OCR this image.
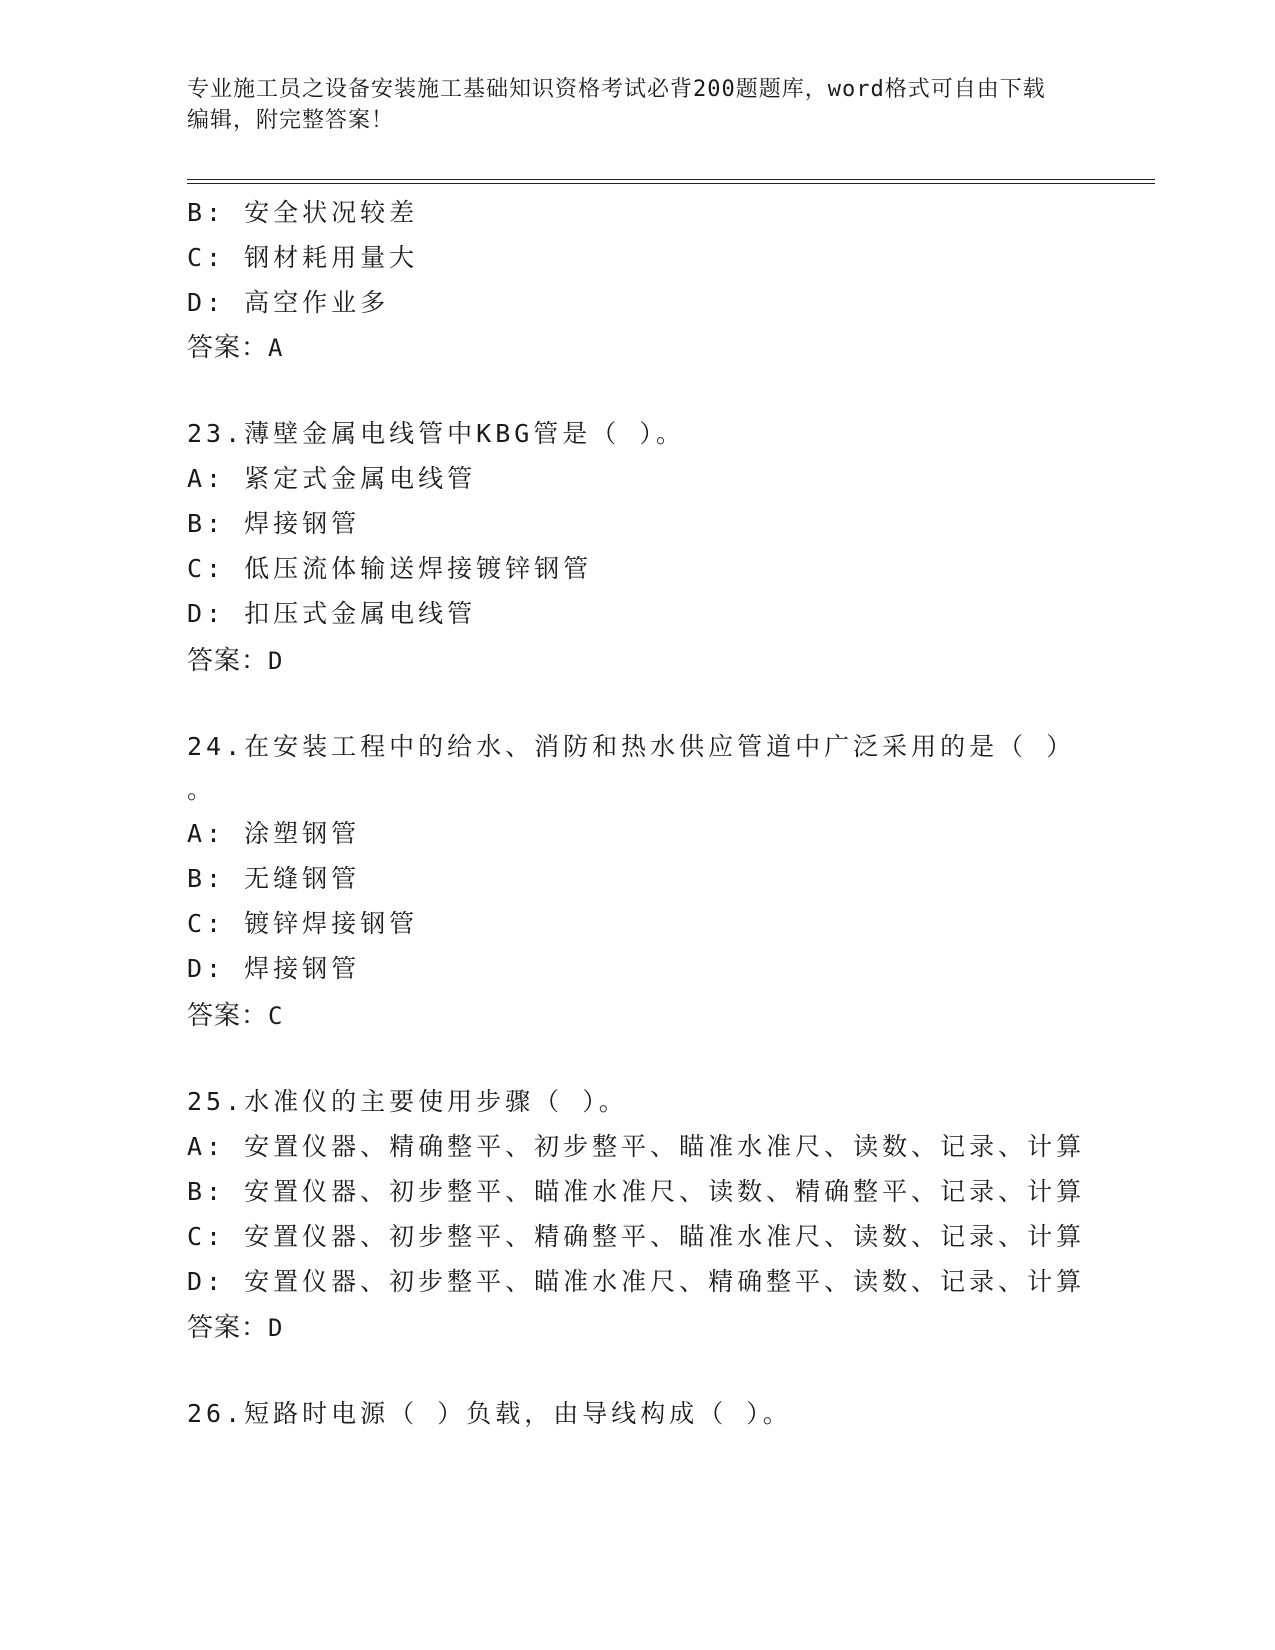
专业施工员之设备安装施工基础知识资格考试必背200题题库，word格式可自由下载编辑，附完整答案！
B: 安全状况较差
C: 钢材耗用量大
D: 高空作业多
答案：A
23.薄壁金属电线管中KBG管是（ ）。
A: 紧定式金属电线管
B: 焊接钢管
C: 低压流体输送焊接镀锌钢管
D: 扣压式金属电线管
答案：D
24.在安装工程中的给水、消防和热水供应管道中广泛采用的是（ ）
。
A: 涂塑钢管
B: 无缝钢管
C: 镀锌焊接钢管
D: 焊接钢管
答案：C
25.水准仪的主要使用步骤（ ）。
A: 安置仪器、精确整平、初步整平、瞄准水准尺、读数、记录、计算
B: 安置仪器、初步整平、瞄准水准尺、读数、精确整平、记录、计算
C: 安置仪器、初步整平、精确整平、瞄准水准尺、读数、记录、计算
D: 安置仪器、初步整平、瞄准水准尺、精确整平、读数、记录、计算
答案：D
26.短路时电源（ ）负载，由导线构成（ ）。
